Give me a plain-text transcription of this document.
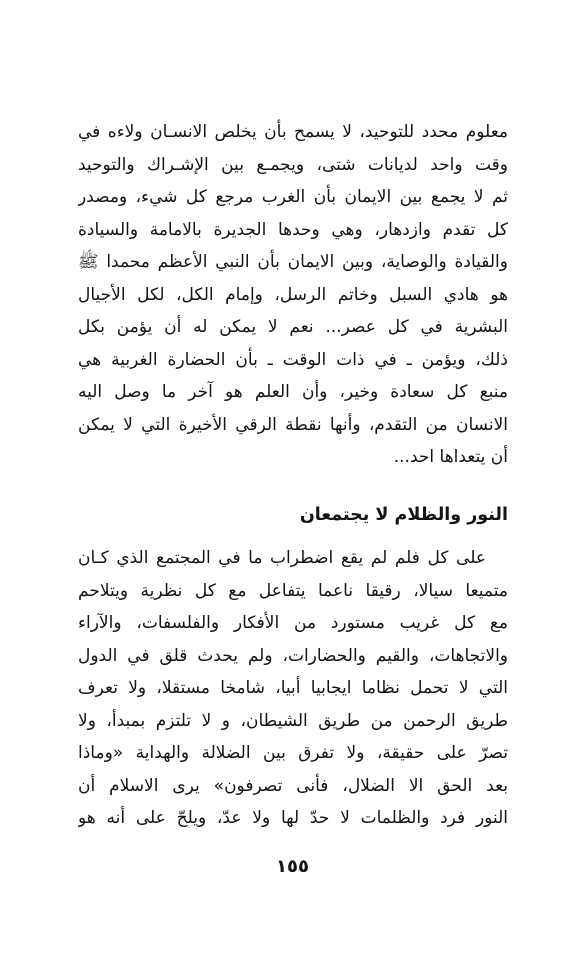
معلوم محدد للتوحيد، لا يسمح بأن يخلص الانسـان ولاءه في
وقت واحد لديانات شتى، ويجمـع بين الإشـراك والتوحيد
ثم لا يجمع بين الايمان بأن الغرب مرجع كل شيء، ومصدر
كل تقدم وازدهار، وهي وحدها الجديرة بالامامة والسيادة
والقيادة والوصاية، وبين الايمان بأن النبي الأعظم محمدا ﷺ
هو هادي السبل وخاتم الرسل، وإمام الكل، لكل الأجيال
البشرية في كل عصر... نعم لا يمكن له أن يؤمن بكل
ذلك، ويؤمن ـ في ذات الوقت ـ بأن الحضارة الغربية هي
منبع كل سعادة وخير، وأن العلم هو آخر ما وصل اليه
الانسان من التقدم، وأنها نقطة الرقي الأخيرة التي لا يمكن
أن يتعداها احد...
النور والظلام لا يجتمعان
على كل فلم لم يقع اضطراب ما في المجتمع الذي كـان
متميعا سيالا، رقيقا ناعما يتفاعل مع كل نظرية ويتلاحم
مع كل غريب مستورد من الأفكار والفلسفات، والآراء
والاتجاهات، والقيم والحضارات، ولم يحدث قلق في الدول
التي لا تحمل نظاما ايجابيا أبيا، شامخا مستقلا، ولا تعرف
طريق الرحمن من طريق الشيطان، و لا تلتزم بمبدأ، ولا
تصرّ على حقيقة، ولا تفرق بين الضلالة والهداية «وماذا
بعد الحق الا الضلال، فأنى تصرفون» يرى الاسلام أن
النور فرد والظلمات لا حدّ لها ولا عدّ، ويلحّ على أنه هو
١٥٥
